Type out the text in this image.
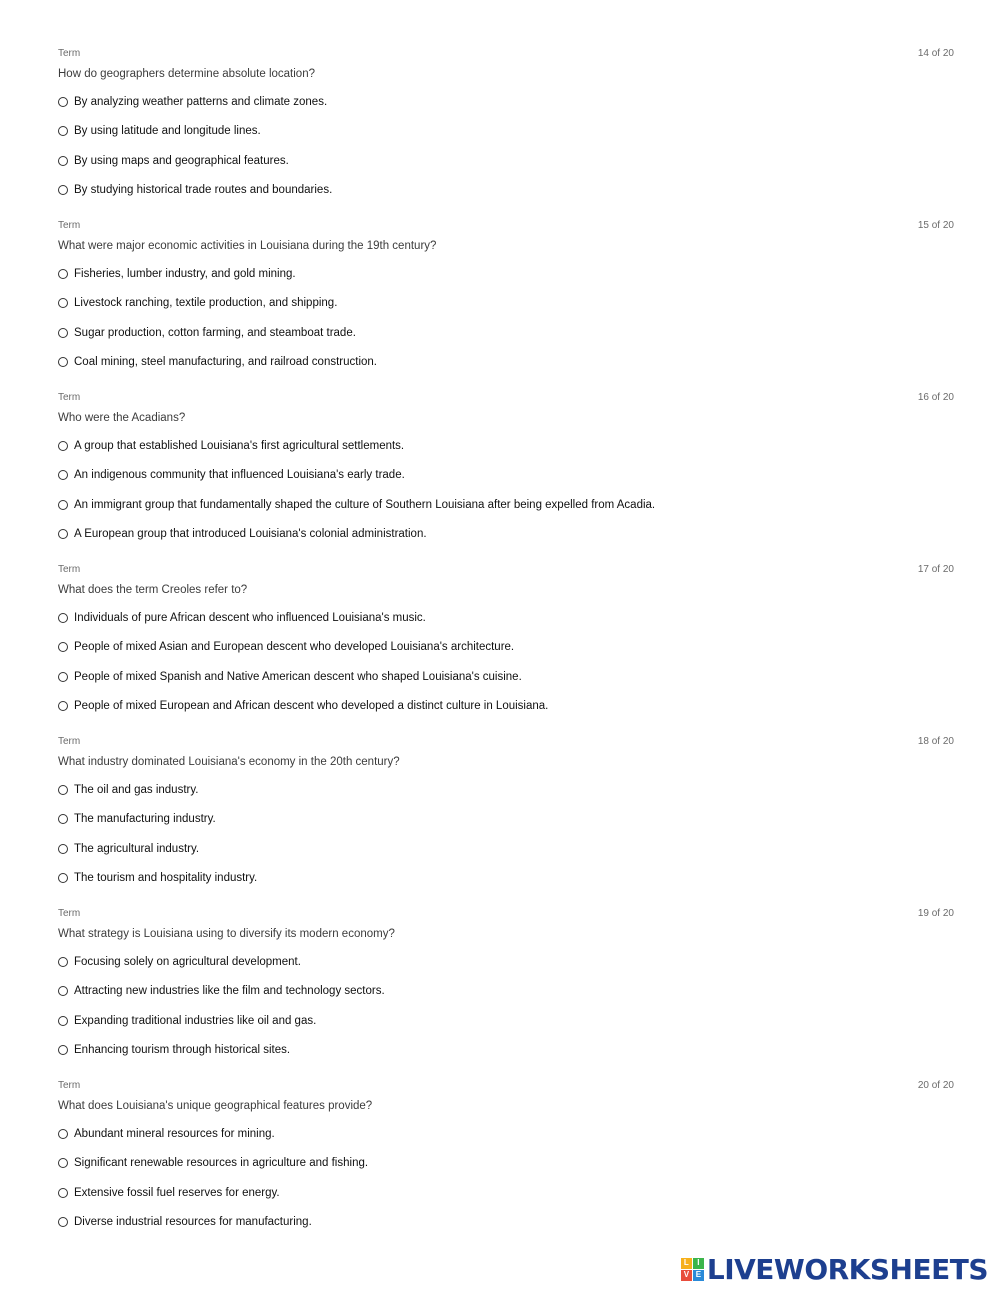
Term	14 of 20
How do geographers determine absolute location?
By analyzing weather patterns and climate zones.
By using latitude and longitude lines.
By using maps and geographical features.
By studying historical trade routes and boundaries.
Term	15 of 20
What were major economic activities in Louisiana during the 19th century?
Fisheries, lumber industry, and gold mining.
Livestock ranching, textile production, and shipping.
Sugar production, cotton farming, and steamboat trade.
Coal mining, steel manufacturing, and railroad construction.
Term	16 of 20
Who were the Acadians?
A group that established Louisiana's first agricultural settlements.
An indigenous community that influenced Louisiana's early trade.
An immigrant group that fundamentally shaped the culture of Southern Louisiana after being expelled from Acadia.
A European group that introduced Louisiana's colonial administration.
Term	17 of 20
What does the term Creoles refer to?
Individuals of pure African descent who influenced Louisiana's music.
People of mixed Asian and European descent who developed Louisiana's architecture.
People of mixed Spanish and Native American descent who shaped Louisiana's cuisine.
People of mixed European and African descent who developed a distinct culture in Louisiana.
Term	18 of 20
What industry dominated Louisiana's economy in the 20th century?
The oil and gas industry.
The manufacturing industry.
The agricultural industry.
The tourism and hospitality industry.
Term	19 of 20
What strategy is Louisiana using to diversify its modern economy?
Focusing solely on agricultural development.
Attracting new industries like the film and technology sectors.
Expanding traditional industries like oil and gas.
Enhancing tourism through historical sites.
Term	20 of 20
What does Louisiana's unique geographical features provide?
Abundant mineral resources for mining.
Significant renewable resources in agriculture and fishing.
Extensive fossil fuel reserves for energy.
Diverse industrial resources for manufacturing.
L	I
V E LIVEWORKSHEETS
